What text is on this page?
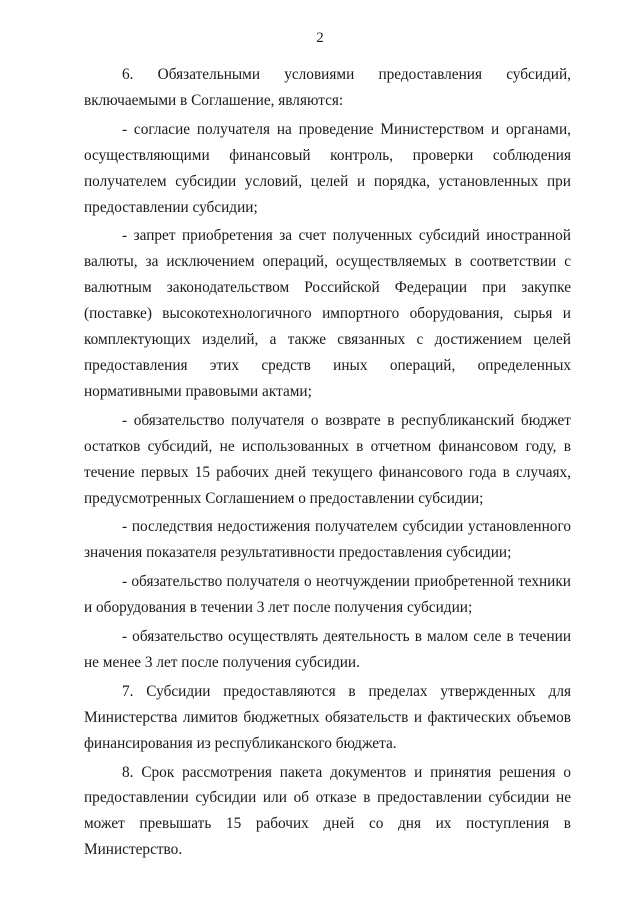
2

6. Обязательными условиями предоставления субсидий, включаемыми в Соглашение, являются:

- согласие получателя на проведение Министерством и органами, осуществляющими финансовый контроль, проверки соблюдения получателем субсидии условий, целей и порядка, установленных при предоставлении субсидии;

- запрет приобретения за счет полученных субсидий иностранной валюты, за исключением операций, осуществляемых в соответствии с валютным законодательством Российской Федерации при закупке (поставке) высокотехнологичного импортного оборудования, сырья и комплектующих изделий, а также связанных с достижением целей предоставления этих средств иных операций, определенных нормативными правовыми актами;

- обязательство получателя о возврате в республиканский бюджет остатков субсидий, не использованных в отчетном финансовом году, в течение первых 15 рабочих дней текущего финансового года в случаях, предусмотренных Соглашением о предоставлении субсидии;

- последствия недостижения получателем субсидии установленного значения показателя результативности предоставления субсидии;

- обязательство получателя о неотчуждении приобретенной техники и оборудования в течении 3 лет после получения субсидии;

- обязательство осуществлять деятельность в малом селе в течении не менее 3 лет после получения субсидии.

7. Субсидии предоставляются в пределах утвержденных для Министерства лимитов бюджетных обязательств и фактических объемов финансирования из республиканского бюджета.

8. Срок рассмотрения пакета документов и принятия решения о предоставлении субсидии или об отказе в предоставлении субсидии не может превышать 15 рабочих дней со дня их поступления в Министерство.
